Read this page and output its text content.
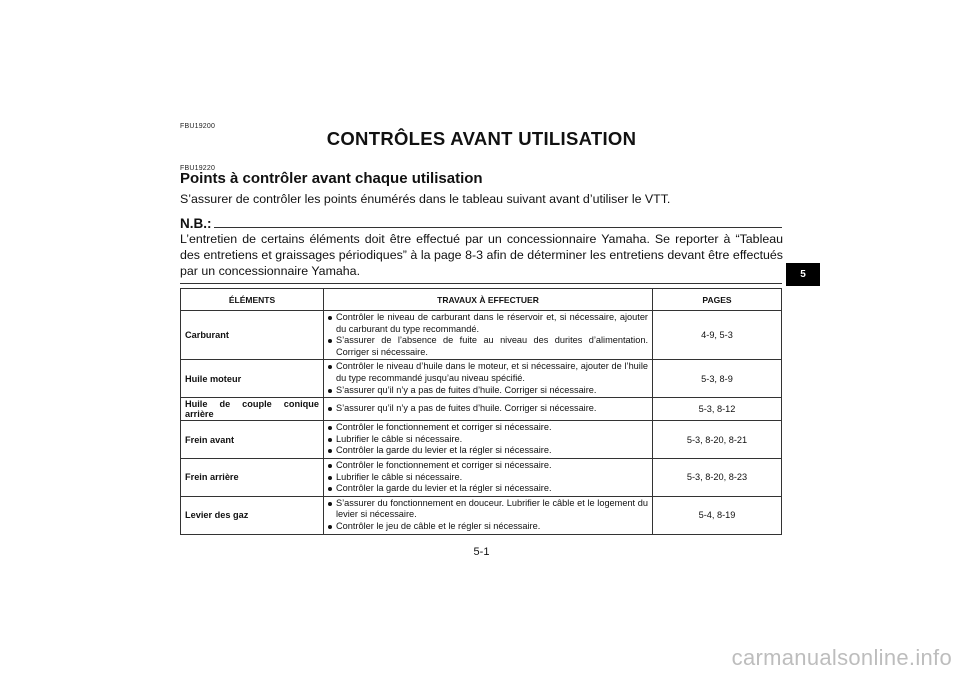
FBU19200
CONTRÔLES AVANT UTILISATION
FBU19220
Points à contrôler avant chaque utilisation
S’assurer de contrôler les points énumérés dans le tableau suivant avant d’utiliser le VTT.
N.B.:
L’entretien de certains éléments doit être effectué par un concessionnaire Yamaha. Se reporter à “Tableau des entretiens et graissages périodiques” à la page 8-3 afin de déterminer les entretiens devant être effectués par un concessionnaire Yamaha.	5
ÉLÉMENTS	TRAVAUX À EFFECTUER	PAGES

Carburant	Contrôler le niveau de carburant dans le réservoir et, si nécessaire, ajouter du carburant du type recommandé.
S’assurer de l’absence de fuite au niveau des durites d’alimentation. Corriger si nécessaire.	4-9, 5-3

Huile moteur	Contrôler le niveau d’huile dans le moteur, et si nécessaire, ajouter de l’huile du type recommandé jusqu’au niveau spécifié.
S’assurer qu’il n’y a pas de fuites d’huile. Corriger si nécessaire.	5-3, 8-9

Huile de couple conique
arrière	S’assurer qu’il n’y a pas de fuites d’huile. Corriger si nécessaire.	5-3, 8-12

Frein avant	Contrôler le fonctionnement et corriger si nécessaire.
Lubrifier le câble si nécessaire.
Contrôler la garde du levier et la régler si nécessaire.	5-3, 8-20, 8-21

Frein arrière	Contrôler le fonctionnement et corriger si nécessaire.
Lubrifier le câble si nécessaire.
Contrôler la garde du levier et la régler si nécessaire.	5-3, 8-20, 8-23

Levier des gaz	S’assurer du fonctionnement en douceur. Lubrifier le câble et le logement du levier si nécessaire.
Contrôler le jeu de câble et le régler si nécessaire.	5-4, 8-19
5-1
carmanualsonline.info
